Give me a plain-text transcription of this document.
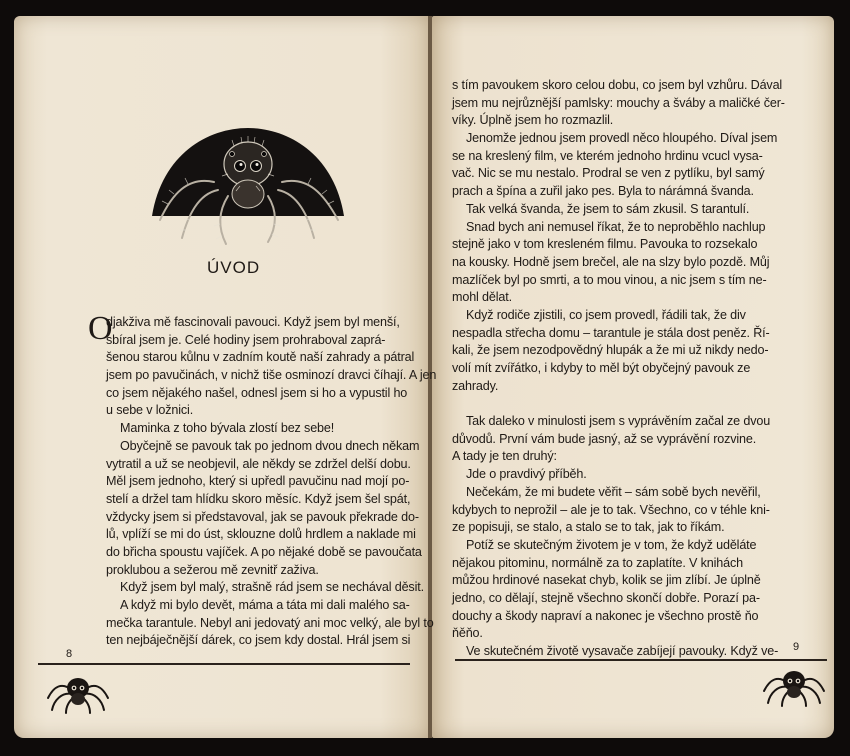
ÚVOD
O
djakživa mě fascinovali pavouci. Když jsem byl menší,
sbíral jsem je. Celé hodiny jsem prohraboval zaprá-
šenou starou kůlnu v zadním koutě naší zahrady a pátral
jsem po pavučinách, v nichž tiše osminozí dravci číhají. A jen
co jsem nějakého našel, odnesl jsem si ho a vypustil ho
u sebe v ložnici.
Maminka z toho bývala zlostí bez sebe!
Obyčejně se pavouk tak po jednom dvou dnech někam
vytratil a už se neobjevil, ale někdy se zdržel delší dobu.
Měl jsem jednoho, který si upředl pavučinu nad mojí po-
stelí a držel tam hlídku skoro měsíc. Když jsem šel spát,
vždycky jsem si představoval, jak se pavouk překrade do-
lů, vplíží se mi do úst, sklouzne dolů hrdlem a naklade mi
do břicha spoustu vajíček. A po nějaké době se pavoučata
proklubou a sežerou mě zevnitř zaživa.
Když jsem byl malý, strašně rád jsem se nechával děsit.
A když mi bylo devět, máma a táta mi dali malého sa-
mečka tarantule. Nebyl ani jedovatý ani moc velký, ale byl to
ten nejbáječnější dárek, co jsem kdy dostal. Hrál jsem si
s tím pavoukem skoro celou dobu, co jsem byl vzhůru. Dával
jsem mu nejrůznější pamlsky: mouchy a šváby a maličké čer-
víky. Úplně jsem ho rozmazlil.
Jenomže jednou jsem provedl něco hloupého. Díval jsem
se na kreslený film, ve kterém jednoho hrdinu vcucl vysa-
vač. Nic se mu nestalo. Prodral se ven z pytlíku, byl samý
prach a špína a zuřil jako pes. Byla to nárámná švanda.
Tak velká švanda, že jsem to sám zkusil. S tarantulí.
Snad bych ani nemusel říkat, že to neproběhlo nachlup
stejně jako v tom kresleném filmu. Pavouka to rozsekalo
na kousky. Hodně jsem brečel, ale na slzy bylo pozdě. Můj
mazlíček byl po smrti, a to mou vinou, a nic jsem s tím ne-
mohl dělat.
Když rodiče zjistili, co jsem provedl, řádili tak, že div
nespadla střecha domu – tarantule je stála dost peněz. Ří-
kali, že jsem nezodpovědný hlupák a že mi už nikdy nedo-
volí mít zvířátko, i kdyby to měl být obyčejný pavouk ze
zahrady.
Tak daleko v minulosti jsem s vyprávěním začal ze dvou
důvodů. První vám bude jasný, až se vyprávění rozvine.
A tady je ten druhý:
Jde o pravdivý příběh.
Nečekám, že mi budete věřit – sám sobě bych nevěřil,
kdybych to neprožil – ale je to tak. Všechno, co v téhle kni-
ze popisuji, se stalo, a stalo se to tak, jak to říkám.
Potíž se skutečným životem je v tom, že když uděláte
nějakou pitominu, normálně za to zaplatíte. V knihách
můžou hrdinové nasekat chyb, kolik se jim zlíbí. Je úplně
jedno, co dělají, stejně všechno skončí dobře. Porazí pa-
douchy a škody napraví a nakonec je všechno prostě ňo
ňěňo.
Ve skutečném životě vysavače zabíjejí pavouky. Když ve-
8
9
